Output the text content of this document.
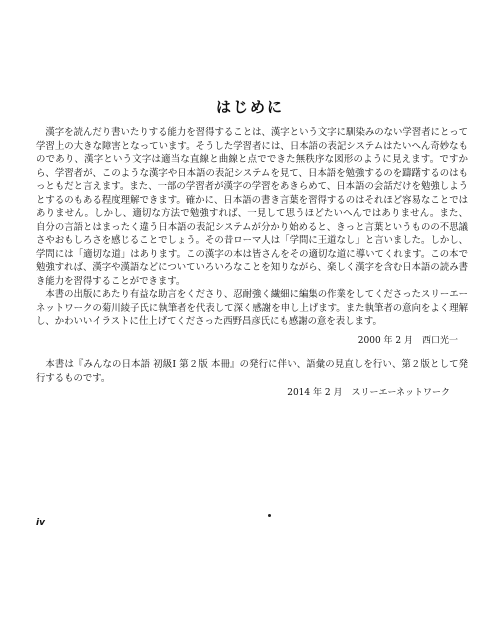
はじめに

漢字を読んだり書いたりする能力を習得することは、漢字という文字に馴染みのない学習者にとって学習上の大きな障害となっています。そうした学習者には、日本語の表記システムはたいへん奇妙なものであり、漢字という文字は適当な直線と曲線と点でできた無秩序な図形のように見えます。ですから、学習者が、このような漢字や日本語の表記システムを見て、日本語を勉強するのを躊躇するのはもっともだと言えます。また、一部の学習者が漢字の学習をあきらめて、日本語の会話だけを勉強しようとするのもある程度理解できます。確かに、日本語の書き言葉を習得するのはそれほど容易なことではありません。しかし、適切な方法で勉強すれば、一見して思うほどたいへんではありません。また、自分の言語とはまったく違う日本語の表記システムが分かり始めると、きっと言葉というものの不思議さやおもしろさを感じることでしょう。その昔ローマ人は「学問に王道なし」と言いました。しかし、学問には「適切な道」はあります。この漢字の本は皆さんをその適切な道に導いてくれます。この本で勉強すれば、漢字や漢語などについていろいろなことを知りながら、楽しく漢字を含む日本語の読み書き能力を習得することができます。

本書の出版にあたり有益な助言をくださり、忍耐強く繊細に編集の作業をしてくださったスリーエーネットワークの菊川綾子氏に執筆者を代表して深く感謝を申し上げます。また執筆者の意向をよく理解し、かわいいイラストに仕上げてくださった西野昌彦氏にも感謝の意を表します。

2000 年 2 月　西口光一

本書は『みんなの日本語 初級Ⅰ 第２版 本冊』の発行に伴い、語彙の見直しを行い、第２版として発行するものです。

2014 年 2 月　スリーエーネットワーク
iv
